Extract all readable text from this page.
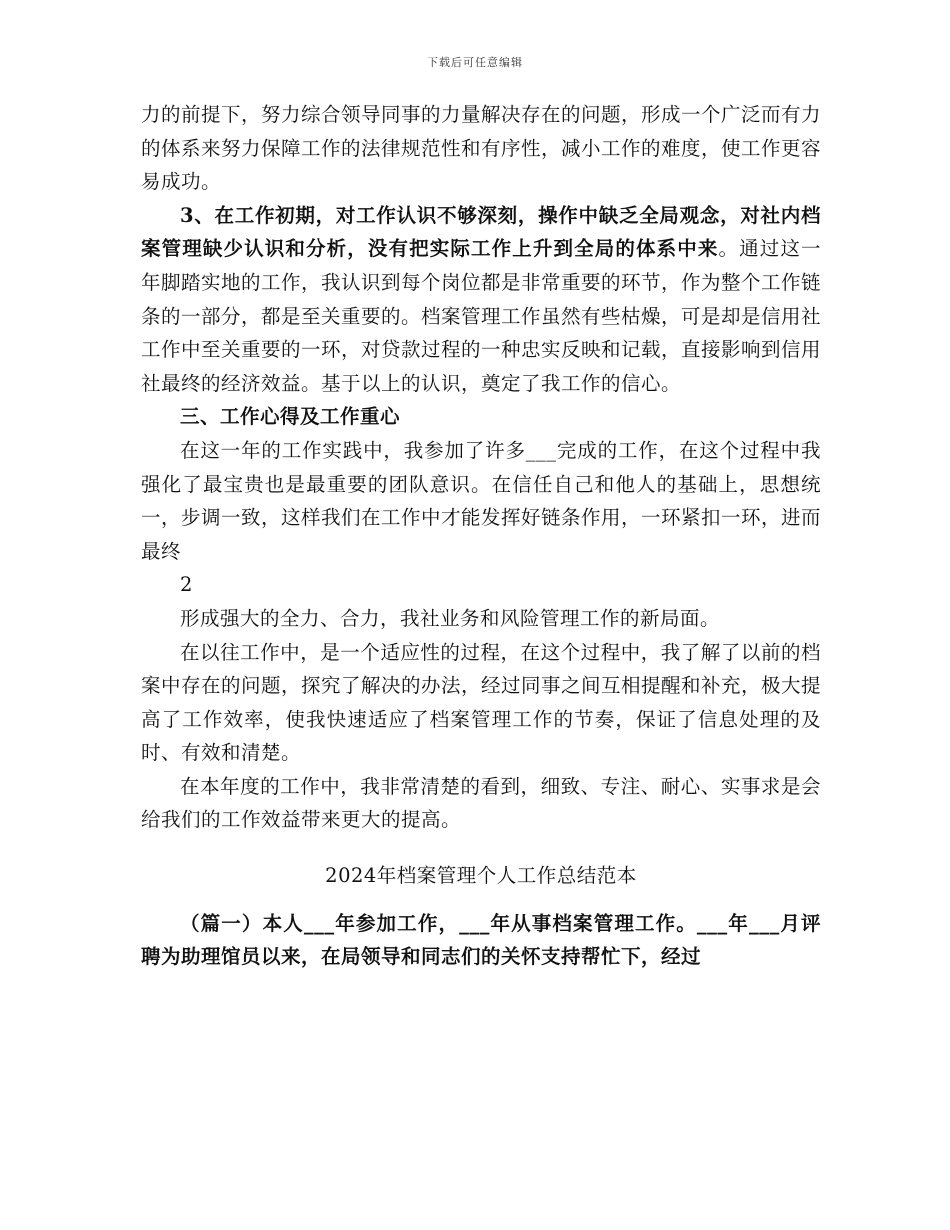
下载后可任意编辑

力的前提下，努力综合领导同事的力量解决存在的问题，形成一个广泛而有力的体系来努力保障工作的法律规范性和有序性，减小工作的难度，使工作更容易成功。

3、在工作初期，对工作认识不够深刻，操作中缺乏全局观念，对社内档案管理缺少认识和分析，没有把实际工作上升到全局的体系中来。通过这一年脚踏实地的工作，我认识到每个岗位都是非常重要的环节，作为整个工作链条的一部分，都是至关重要的。档案管理工作虽然有些枯燥，可是却是信用社工作中至关重要的一环，对贷款过程的一种忠实反映和记载，直接影响到信用社最终的经济效益。基于以上的认识，奠定了我工作的信心。

三、工作心得及工作重心

在这一年的工作实践中，我参加了许多___完成的工作，在这个过程中我强化了最宝贵也是最重要的团队意识。在信任自己和他人的基础上，思想统一，步调一致，这样我们在工作中才能发挥好链条作用，一环紧扣一环，进而最终

2

形成强大的全力、合力，我社业务和风险管理工作的新局面。

在以往工作中，是一个适应性的过程，在这个过程中，我了解了以前的档案中存在的问题，探究了解决的办法，经过同事之间互相提醒和补充，极大提高了工作效率，使我快速适应了档案管理工作的节奏，保证了信息处理的及时、有效和清楚。

在本年度的工作中，我非常清楚的看到，细致、专注、耐心、实事求是会给我们的工作效益带来更大的提高。

2024年档案管理个人工作总结范本

（篇一）本人___年参加工作，___年从事档案管理工作。___年___月评聘为助理馆员以来，在局领导和同志们的关怀支持帮忙下，经过
